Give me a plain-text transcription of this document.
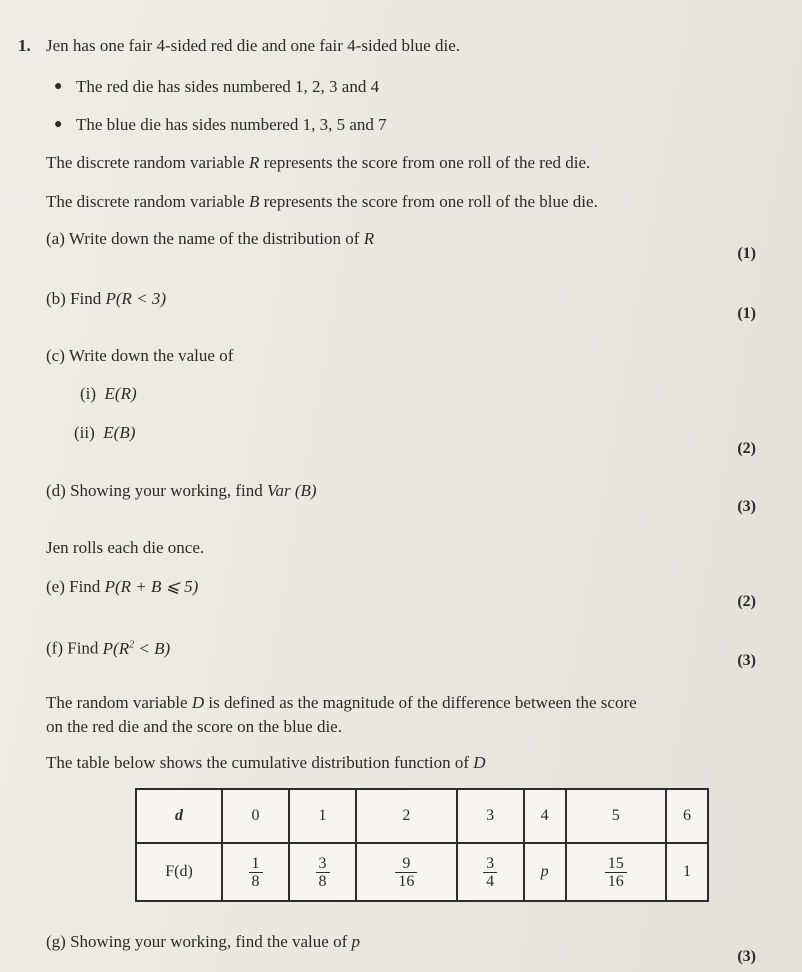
1. Jen has one fair 4-sided red die and one fair 4-sided blue die.
● The red die has sides numbered 1, 2, 3 and 4
● The blue die has sides numbered 1, 3, 5 and 7
The discrete random variable R represents the score from one roll of the red die.
The discrete random variable B represents the score from one roll of the blue die.
(a) Write down the name of the distribution of R
(1)
(b) Find P(R < 3)
(1)
(c) Write down the value of
(i) E(R)
(ii) E(B)
(2)
(d) Showing your working, find Var (B)
(3)
Jen rolls each die once.
(e) Find P(R + B ⩽ 5)
(2)
(f) Find $P(R^2 < B)$
(3)
The random variable D is defined as the magnitude of the difference between the score
on the red die and the score on the blue die.
The table below shows the cumulative distribution function of D
d	0	1	2	3	4	5	6
F(d)	$\frac{1}{8}$	$\frac{3}{8}$	$\frac{9}{16}$	$\frac{3}{4}$	p	$\frac{15}{16}$	1
(g) Showing your working, find the value of p
(3)
